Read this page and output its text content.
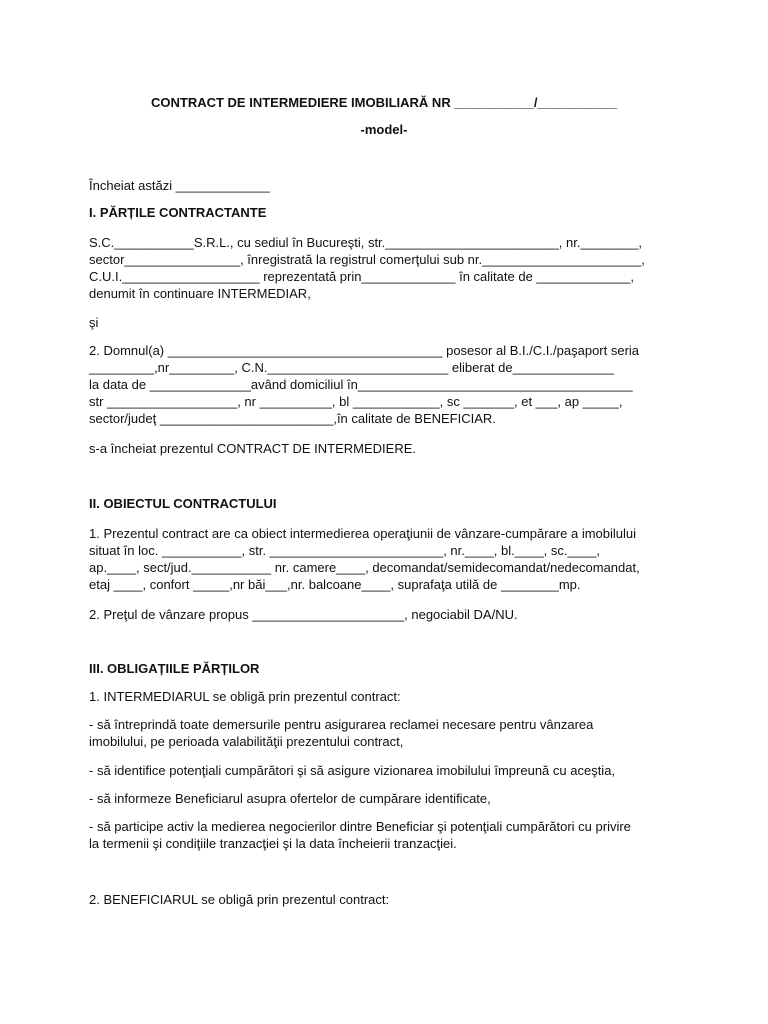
CONTRACT DE INTERMEDIERE IMOBILIARĂ NR ___________/___________
-model-
Încheiat astăzi _____________
I. PĂRȚILE CONTRACTANTE
S.C.___________S.R.L., cu sediul în Bucureşti, str.________________________, nr.________,
sector________________, înregistrată la registrul comerţului sub nr.______________________,
C.U.I.___________________ reprezentată prin_____________ în calitate de _____________,
denumit în continuare INTERMEDIAR,
şi
2. Domnul(a) ______________________________________ posesor al B.I./C.I./paşaport seria
_________,nr_________, C.N._________________________ eliberat de______________
la data de ______________având domiciliul în______________________________________
str __________________, nr __________, bl ____________, sc _______, et ___, ap _____,
sector/judeţ ________________________,în calitate de BENEFICIAR.
s-a încheiat prezentul CONTRACT DE INTERMEDIERE.
II. OBIECTUL CONTRACTULUI
1. Prezentul contract are ca obiect intermedierea operaţiunii de vânzare-cumpărare a imobilului
situat în loc. ___________, str. ________________________, nr.____, bl.____, sc.____,
ap.____, sect/jud.___________ nr. camere____, decomandat/semidecomandat/nedecomandat,
etaj ____, confort _____,nr băi___,nr. balcoane____, suprafaţa utilă de ________mp.
2. Preţul de vânzare propus _____________________, negociabil DA/NU.
III. OBLIGAȚIILE PĂRȚILOR
1. INTERMEDIARUL se obligă prin prezentul contract:
- să întreprindă toate demersurile pentru asigurarea reclamei necesare pentru vânzarea
imobilului, pe perioada valabilităţii prezentului contract,
- să identifice potenţiali cumpărători şi să asigure vizionarea imobilului împreună cu aceştia,
- să informeze Beneficiarul asupra ofertelor de cumpărare identificate,
- să participe activ la medierea negocierilor dintre Beneficiar şi potenţiali cumpărători cu privire
la termenii şi condiţiile tranzacţiei şi la data încheierii tranzacţiei.
2. BENEFICIARUL se obligă prin prezentul contract:
